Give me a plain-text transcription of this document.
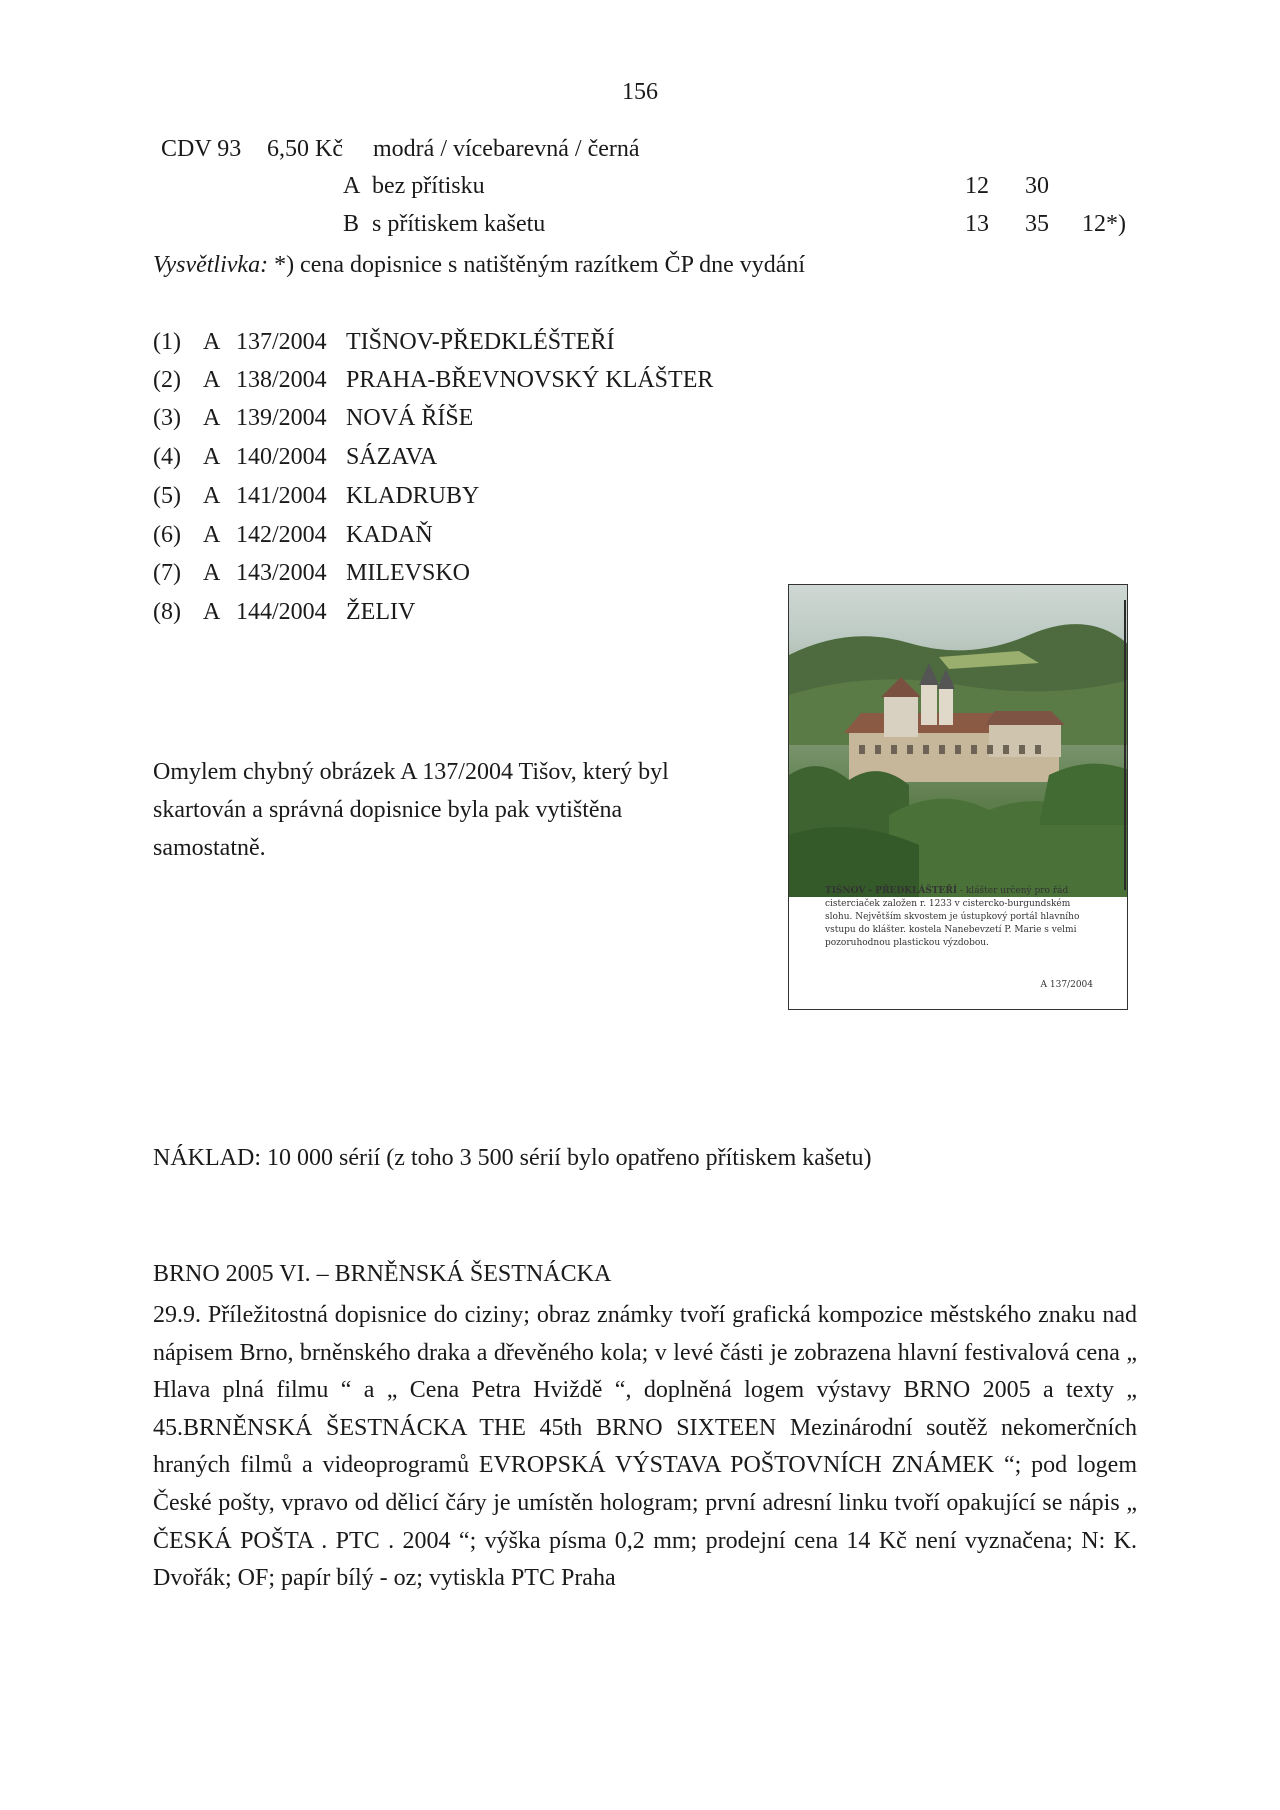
156
CDV 93 6,50 Kč modrá / vícebarevná / černá
A bez přítisku	12 30
B s přítiskem kašetu	13 35 12*)
Vysvětlivka: *) cena dopisnice s natištěným razítkem ČP dne vydání
(1) A 137/2004 TIŠNOV-PŘEDKLÉŠTEŘÍ
(2) A 138/2004 PRAHA-BŘEVNOVSKÝ KLÁŠTER
(3) A 139/2004 NOVÁ ŘÍŠE
(4) A 140/2004 SÁZAVA
(5) A 141/2004 KLADRUBY
(6) A 142/2004 KADAŇ
(7) A 143/2004 MILEVSKO
(8) A 144/2004 ŽELIV
Omylem chybný obrázek A 137/2004 Tišov, který byl
skartován a správná dopisnice byla pak vytištěna
samostatně.
TIŠNOV - PŘEDKLÁŠTEŘÍ - klášter určený pro řád cisterciaček založen r. 1233 v cistercko-burgundském slohu. Největším skvostem je ústupkový portál hlavního vstupu do klášter. kostela Nanebevzetí P. Marie s velmi pozoruhodnou plastickou výzdobou.
A 137/2004
NÁKLAD: 10 000 sérií (z toho 3 500 sérií bylo opatřeno přítiskem kašetu)
BRNO 2005 VI. – BRNĚNSKÁ ŠESTNÁCKA
29.9. Příležitostná dopisnice do ciziny; obraz známky tvoří grafická kompozice městského znaku nad nápisem Brno, brněnského draka a dřevěného kola; v levé části je zobrazena hlavní festivalová cena „ Hlava plná filmu “ a „ Cena Petra Hviždě “, doplněná logem výstavy BRNO 2005 a texty „ 45.BRNĚNSKÁ ŠESTNÁCKA THE 45th BRNO SIXTEEN Mezinárodní soutěž nekomerčních hraných filmů a videoprogramů EVROPSKÁ VÝSTAVA POŠTOVNÍCH ZNÁMEK “; pod logem České pošty, vpravo od dělicí čáry je umístěn hologram; první adresní linku tvoří opakující se nápis „ ČESKÁ POŠTA . PTC . 2004 “; výška písma 0,2 mm; prodejní cena 14 Kč není vyznačena; N: K. Dvořák; OF; papír bílý - oz; vytiskla PTC Praha
